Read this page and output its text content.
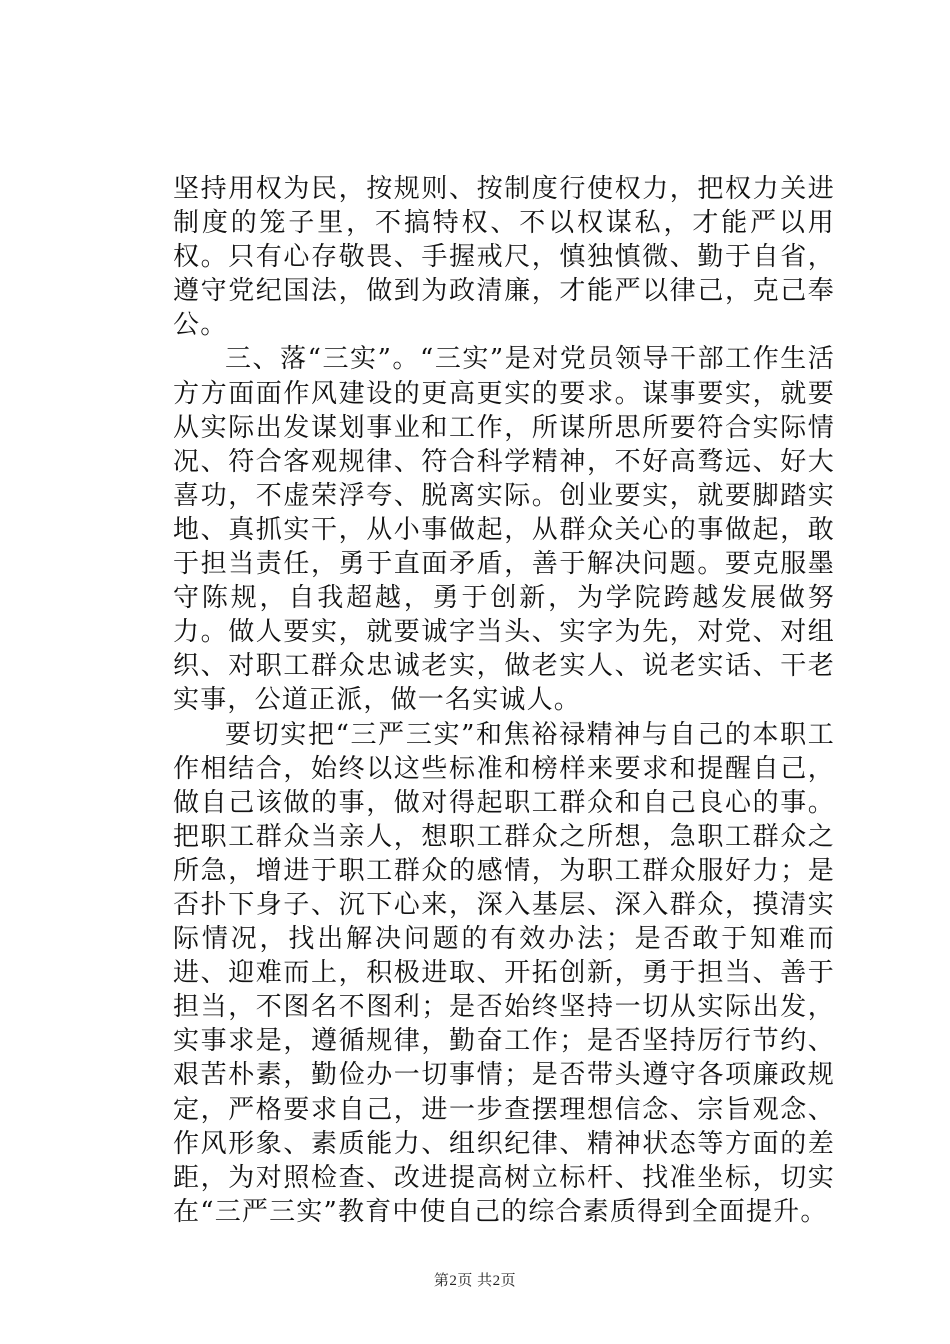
坚持用权为民，按规则、按制度行使权力，把权力关进制度的笼子里，不搞特权、不以权谋私，才能严以用权。只有心存敬畏、手握戒尺，慎独慎微、勤于自省，遵守党纪国法，做到为政清廉，才能严以律己，克己奉公。

三、落“三实”。“三实”是对党员领导干部工作生活方方面面作风建设的更高更实的要求。谋事要实，就要从实际出发谋划事业和工作，所谋所思所要符合实际情况、符合客观规律、符合科学精神，不好高骛远、好大喜功，不虚荣浮夸、脱离实际。创业要实，就要脚踏实地、真抓实干，从小事做起，从群众关心的事做起，敢于担当责任，勇于直面矛盾，善于解决问题。要克服墨守陈规，自我超越，勇于创新，为学院跨越发展做努力。做人要实，就要诚字当头、实字为先，对党、对组织、对职工群众忠诚老实，做老实人、说老实话、干老实事，公道正派，做一名实诚人。

要切实把“三严三实”和焦裕禄精神与自己的本职工作相结合，始终以这些标准和榜样来要求和提醒自己，做自己该做的事，做对得起职工群众和自己良心的事。把职工群众当亲人，想职工群众之所想，急职工群众之所急，增进于职工群众的感情，为职工群众服好力；是否扑下身子、沉下心来，深入基层、深入群众，摸清实际情况，找出解决问题的有效办法；是否敢于知难而进、迎难而上，积极进取、开拓创新，勇于担当、善于担当，不图名不图利；是否始终坚持一切从实际出发，实事求是，遵循规律，勤奋工作；是否坚持厉行节约、艰苦朴素，勤俭办一切事情；是否带头遵守各项廉政规定，严格要求自己，进一步查摆理想信念、宗旨观念、作风形象、素质能力、组织纪律、精神状态等方面的差距，为对照检查、改进提高树立标杆、找准坐标，切实在“三严三实”教育中使自己的综合素质得到全面提升。

第2页 共2页
